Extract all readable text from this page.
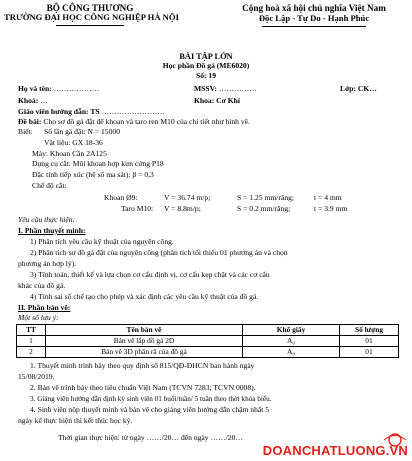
BỘ CÔNG THƯƠNG
TRƯỜNG ĐẠI HỌC CÔNG NGHIỆP HÀ NỘI
Cộng hoà xã hội chủ nghĩa Việt Nam
Độc Lập - Tự Do - Hạnh Phúc
BÀI TẬP LỚN
Học phần Đồ gá (ME6020)
Số: 19
Họ và tên: ………………	MSSV: ……………	Lớp: CK…
Khoá: …	Khoa: Cơ Khí
Giáo viên hướng dẫn: TS …………………….
Đề bài: Cho sơ đồ gá đặt để khoan và taro ren M10 của chi tiết như hình vẽ.
Biết: Số lần gá đặt: N = 15000
Vật liệu: GX 18-36
Máy: Khoan Cần 2A125
Dụng cụ cắt: Mũi khoan hợp kim cứng P18
Đặc tính tiếp xúc (hệ số ma sát): β = 0,3
Chế độ cắt:
Khoan Ø9:	V = 36.74 m/p;	S = 1.25 mm/răng;	t = 4 mm
Taro M10: V = 8.8m/p;	S = 0.2 mm/răng;	t = 3.9 mm
Yêu cầu thực hiện:
I. Phần thuyết minh:
1) Phân tích yêu cầu kỹ thuật của nguyên công.
2) Phân tích sơ đồ gá đặt của nguyên công (phân tích tối thiểu 01 phương án và chọn
phương án hợp lý).
3) Tính toán, thiết kế và lựa chọn cơ cấu định vị, cơ cấu kẹp chặt và các cơ cấu
khác của đồ gá.
4) Tính sai số chế tạo cho phép và xác định các yêu cầu kỹ thuật của đồ gá.
II. Phần bản vẽ:
Một số lưu ý:
TT	Tên bản vẽ	Khổ giấy	Số lượng
1	Bản vẽ lắp đồ gá 2D	A₀	01
2	Bản vẽ 3D phân rã của đồ gá	A₀	01
1. Thuyết minh trình bày theo quy định số 815/QĐ-ĐHCN ban hành ngày
15/08/2019.
2. Bản vẽ trình bày theo tiêu chuẩn Việt Nam (TCVN 7283; TCVN 0008).
3. Giảng viên hướng dẫn định kỳ sinh viên 01 buổi/tuần/ 5 tuần theo thời khóa biểu.
4. Sinh viên nộp thuyết minh và bản vẽ cho giảng viên hướng dẫn chậm nhất 5
ngày kể thực hiện thì kết thúc học kỳ.
Thời gian thực hiện: từ ngày ……/20… đến ngày ……/20…
DOANCHATLUONG.VN
